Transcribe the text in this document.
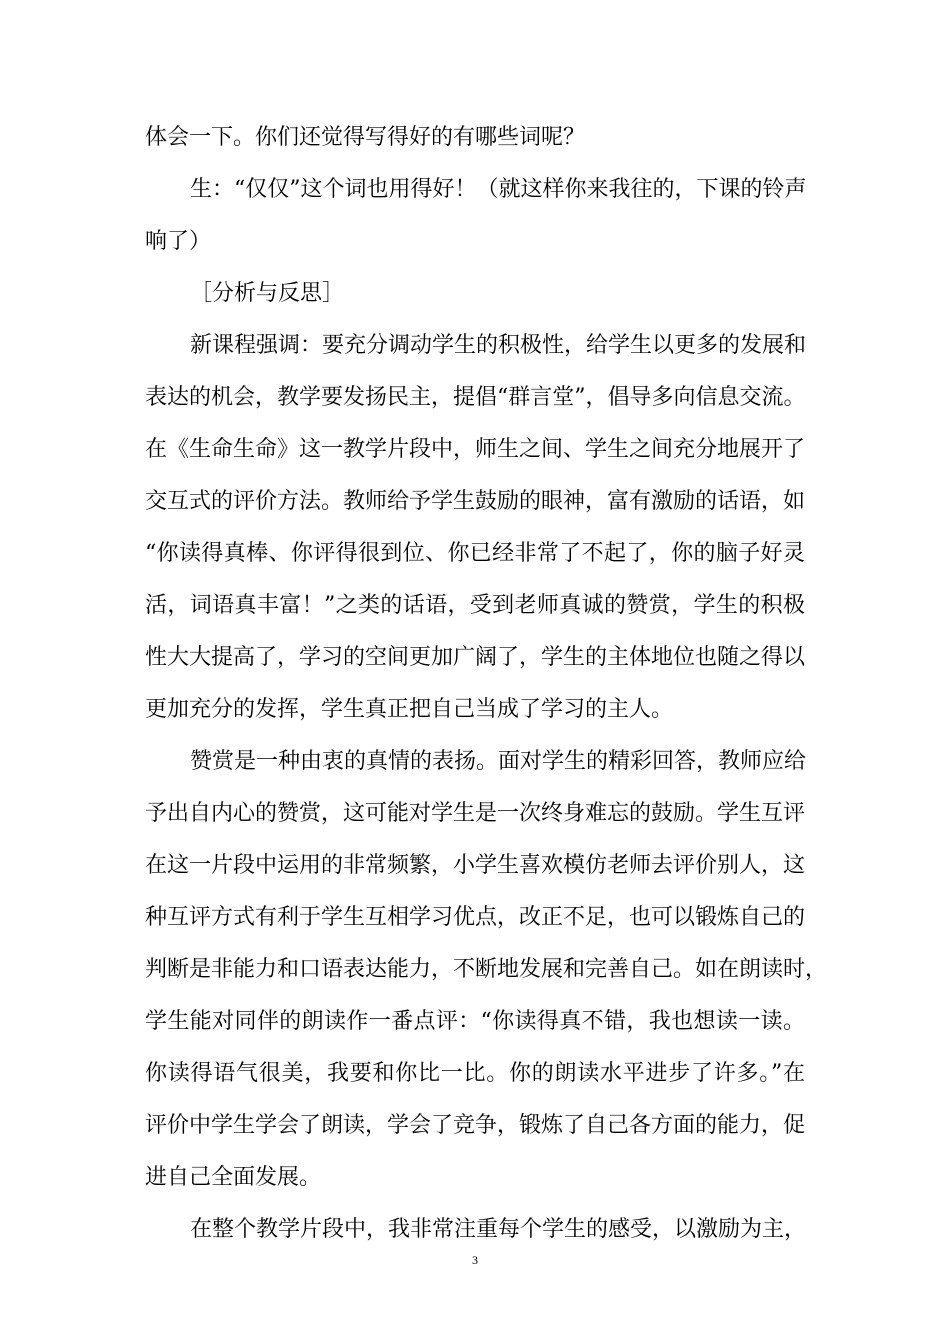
体会一下。你们还觉得写得好的有哪些词呢？
生：“仅仅”这个词也用得好！（就这样你来我往的，下课的铃声
响了）
［分析与反思］
新课程强调：要充分调动学生的积极性，给学生以更多的发展和
表达的机会，教学要发扬民主，提倡“群言堂”，倡导多向信息交流。
在《生命生命》这一教学片段中，师生之间、学生之间充分地展开了
交互式的评价方法。教师给予学生鼓励的眼神，富有激励的话语，如
“你读得真棒、你评得很到位、你已经非常了不起了，你的脑子好灵
活，词语真丰富！”之类的话语，受到老师真诚的赞赏，学生的积极
性大大提高了，学习的空间更加广阔了，学生的主体地位也随之得以
更加充分的发挥，学生真正把自己当成了学习的主人。
赞赏是一种由衷的真情的表扬。面对学生的精彩回答，教师应给
予出自内心的赞赏，这可能对学生是一次终身难忘的鼓励。学生互评
在这一片段中运用的非常频繁，小学生喜欢模仿老师去评价别人，这
种互评方式有利于学生互相学习优点，改正不足，也可以锻炼自己的
判断是非能力和口语表达能力，不断地发展和完善自己。如在朗读时，
学生能对同伴的朗读作一番点评：“你读得真不错，我也想读一读。
你读得语气很美，我要和你比一比。你的朗读水平进步了许多。”在
评价中学生学会了朗读，学会了竞争，锻炼了自己各方面的能力，促
进自己全面发展。
在整个教学片段中，我非常注重每个学生的感受，以激励为主，
3
